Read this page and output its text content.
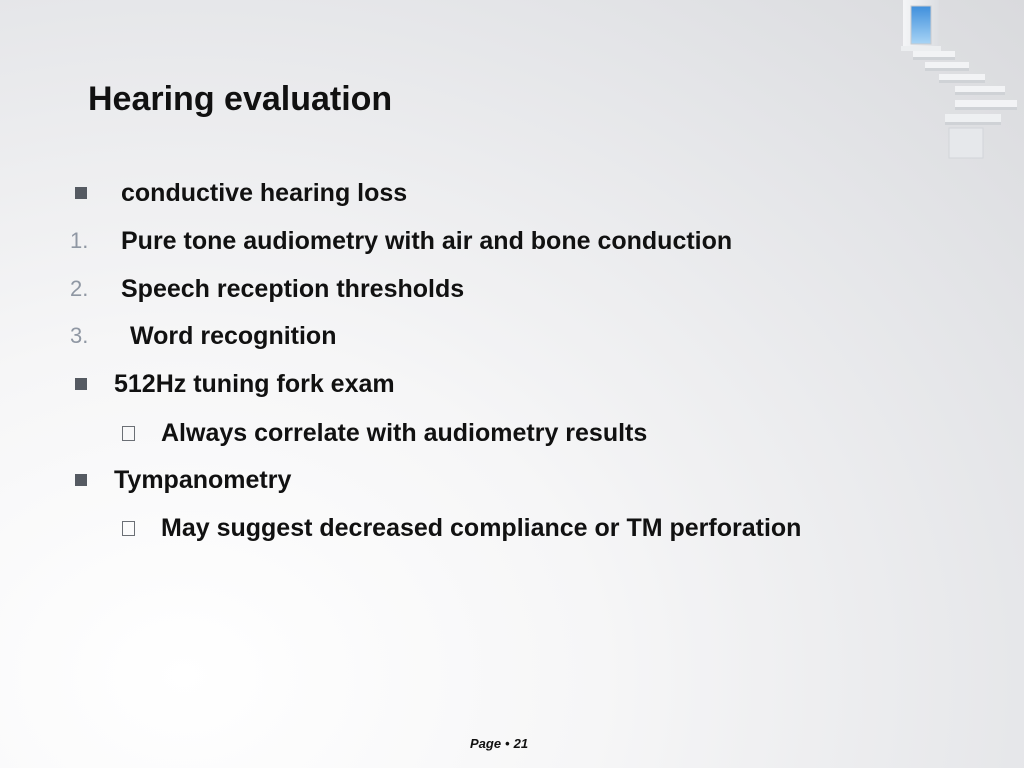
Hearing evaluation
conductive hearing loss
1. Pure tone audiometry with air and bone conduction
2. Speech reception thresholds
3. Word recognition
512Hz tuning fork exam
Always correlate with audiometry results
Tympanometry
May suggest decreased compliance or TM perforation
Page • 21
